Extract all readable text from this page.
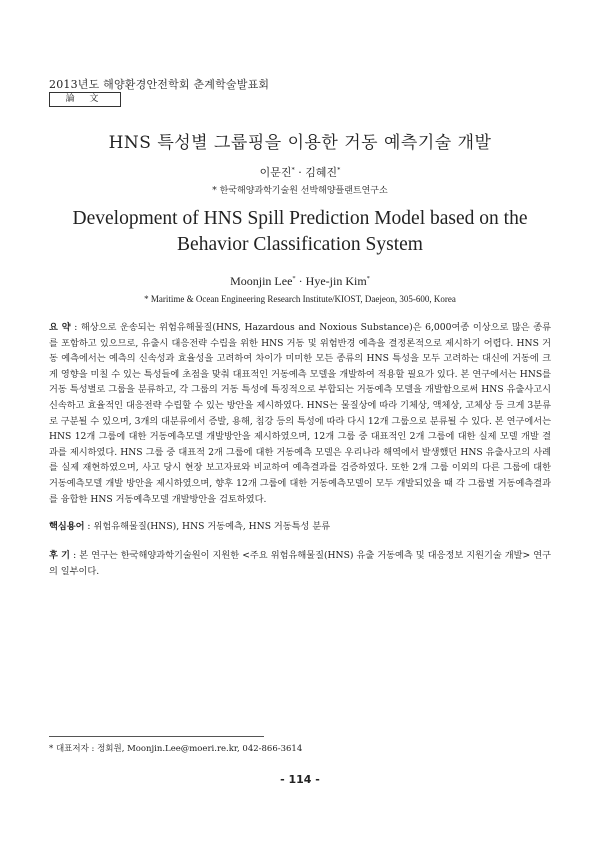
2013년도 해양환경안전학회 춘계학술발표회
論 文
HNS 특성별 그룹핑을 이용한 거동 예측기술 개발
이문진* · 김혜진*
* 한국해양과학기술원 선박해양플랜트연구소
Development of HNS Spill Prediction Model based on the Behavior Classification System
Moonjin Lee* · Hye-jin Kim*
* Maritime & Ocean Engineering Research Institute/KIOST, Daejeon, 305-600, Korea
요 약 : 해상으로 운송되는 위험유해물질(HNS, Hazardous and Noxious Substance)은 6,000여종 이상으로 많은 종류를 포함하고 있으므로, 유출시 대응전략 수립을 위한 HNS 거동 및 위험반경 예측을 결정론적으로 제시하기 어렵다. HNS 거동 예측에서는 예측의 신속성과 효율성을 고려하여 차이가 미미한 모든 종류의 HNS 특성을 모두 고려하는 대신에 거동에 크게 영향을 미칠 수 있는 특성들에 초점을 맞춰 대표적인 거동예측 모델을 개발하여 적용할 필요가 있다. 본 연구에서는 HNS를 거동 특성별로 그룹을 분류하고, 각 그룹의 거동 특성에 특징적으로 부합되는 거동예측 모델을 개발함으로써 HNS 유출사고시 신속하고 효율적인 대응전략 수립할 수 있는 방안을 제시하였다. HNS는 물질상에 따라 기체상, 액체상, 고체상 등 크게 3분류로 구분될 수 있으며, 3개의 대분류에서 증발, 용해, 침강 등의 특성에 따라 다시 12개 그룹으로 분류될 수 있다. 본 연구에서는 HNS 12개 그룹에 대한 거동예측모델 개발방안을 제시하였으며, 12개 그룹 중 대표적인 2개 그룹에 대한 실제 모델 개발 결과를 제시하였다. HNS 그룹 중 대표적 2개 그룹에 대한 거동예측 모델은 우리나라 해역에서 발생했던 HNS 유출사고의 사례를 실제 재현하였으며, 사고 당시 현장 보고자료와 비교하여 예측결과를 검증하였다. 또한 2개 그룹 이외의 다른 그룹에 대한 거동예측모델 개발 방안을 제시하였으며, 향후 12개 그룹에 대한 거동예측모델이 모두 개발되었을 때 각 그룹별 거동예측결과를 융합한 HNS 거동예측모델 개발방안을 검토하였다.
핵심용어 : 위험유해물질(HNS), HNS 거동예측, HNS 거동특성 분류
후 기 : 본 연구는 한국해양과학기술원이 지원한 <주요 위험유해물질(HNS) 유출 거동예측 및 대응정보 지원기술 개발> 연구의 일부이다.
* 대표저자 : 정회원, Moonjin.Lee@moeri.re.kr, 042-866-3614
- 114 -
